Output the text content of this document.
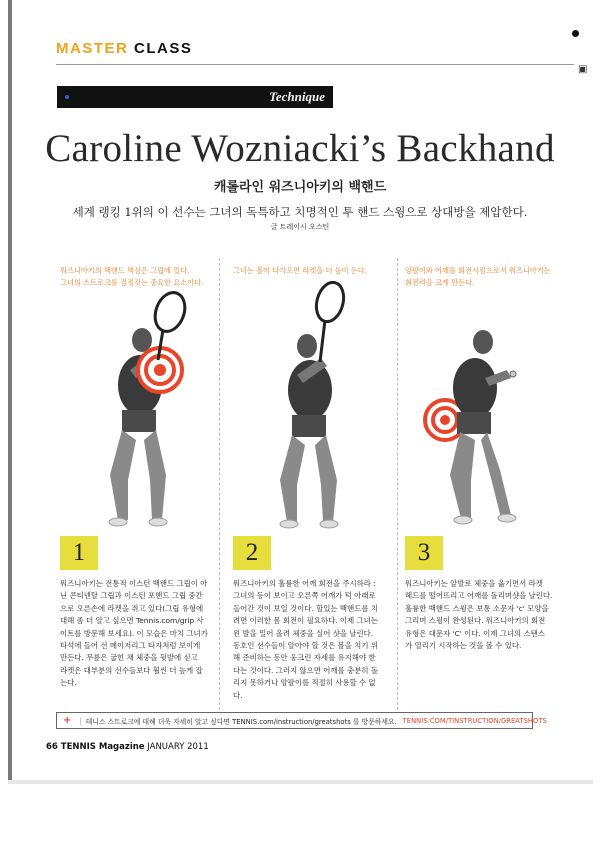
▣
MASTER CLASS
Technique
Caroline Wozniacki’s Backhand
캐롤라인 워즈니아키의 백핸드
세계 랭킹 1위의 이 선수는 그녀의 독특하고 치명적인 투 핸드 스윙으로 상대방을 제압한다.
글 트레이시 오스틴
워즈니아키의 백핸드 핵심은 그립에 있다.
그녀의 스트로크를 결정짓는 중요한 요소이다.
1
워즈니아키는 전통적 이스턴 백핸드 그립이 아
닌 콘티넨탈 그립과 이스턴 포핸드 그립 중간
으로 오른손에 라켓을 쥐고 있다(그립 유형에
대해 좀 더 알고 싶으면 Tennis.com/grip 사
이트를 방문해 보세요). 이 모습은 마치 그녀가
타석에 들어 선 메이저리그 타자처럼 보이게
만든다. 무릎은 굽힌 채 체중을 뒷발에 싣고
라켓은 대부분의 선수들보다 훨씬 더 높게 잡
는다.
그녀는 볼이 다가오면 라켓을 더 높이 든다.
2
워즈니아키의 훌륭한 어깨 회전을 주시하라 :
그녀의 등이 보이고 오른쪽 어깨가 턱 아래로
들어간 것이 보일 것이다. 할있는 백핸드를 치
려면 이러한 몸 회전이 필요하다. 이제 그녀는
왼 발을 밀어 올려 체중을 실어 샷을 날린다.
동호인 선수들이 알아야 할 것은 볼을 치기 위
해 준비하는 동안 웅크린 자세를 유지해야 한
다는 것이다. 그러지 않으면 어깨를 충분히 돌
리지 못하거나 양팔이를 적절히 사용할 수 없
다.
양팔이와 어깨를 회전시킴으로서 워즈니아키는
회전력을 크게 만든다.
3
워즈니아키는 앞발로 체중을 옮기면서 라켓
헤드를 떨어뜨리고 어깨를 돌리며샷을 날린다.
훌륭한 백핸드 스윙은 보통 소문자 'c' 모양을
그리며 스윙이 완성된다. 워즈니아키의 회전
유형은 대문자 'C' 이다. 이제 그녀의 스탠스
가 열리기 시작하는 것을 볼 수 있다.
+ | 테니스 스트로크에 대해 더욱 자세히 알고 싶다면 TENNIS.com/instruction/greatshots 를 방문하세요. TENNIS.COM/TINSTRUCTION/GREATSHOTS
66 TENNIS Magazine JANUARY 2011
